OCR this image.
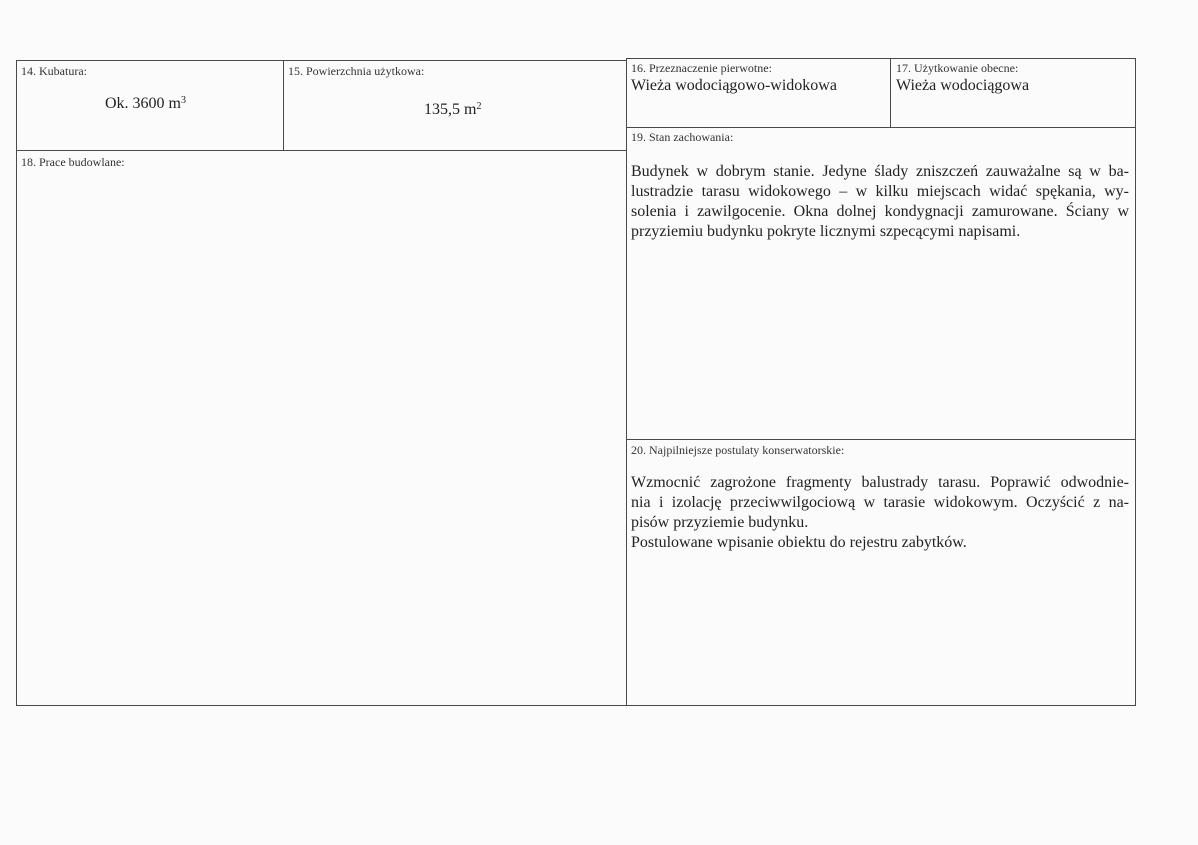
14. Kubatura:
Ok. 3600 $m^3$
15. Powierzchnia użytkowa:
135,5 $m^2$
16. Przeznaczenie pierwotne:
Wieża wodociągowo-widokowa
17. Użytkowanie obecne:
Wieża wodociągowa
18. Prace budowlane:
19. Stan zachowania:

Budynek w dobrym stanie. Jedyne ślady zniszczeń zauważalne są w ba-

lustradzie tarasu widokowego – w kilku miejscach widać spękania, wy-

solenia i zawilgocenie. Okna dolnej kondygnacji zamurowane. Ściany w

przyziemiu budynku pokryte licznymi szpecącymi napisami.

20. Najpilniejsze postulaty konserwatorskie:

Wzmocnić zagrożone fragmenty balustrady tarasu. Poprawić odwodnie-

nia i izolację przeciwwilgociową w tarasie widokowym. Oczyścić z na-

pisów przyziemie budynku.

Postulowane wpisanie obiektu do rejestru zabytków.
